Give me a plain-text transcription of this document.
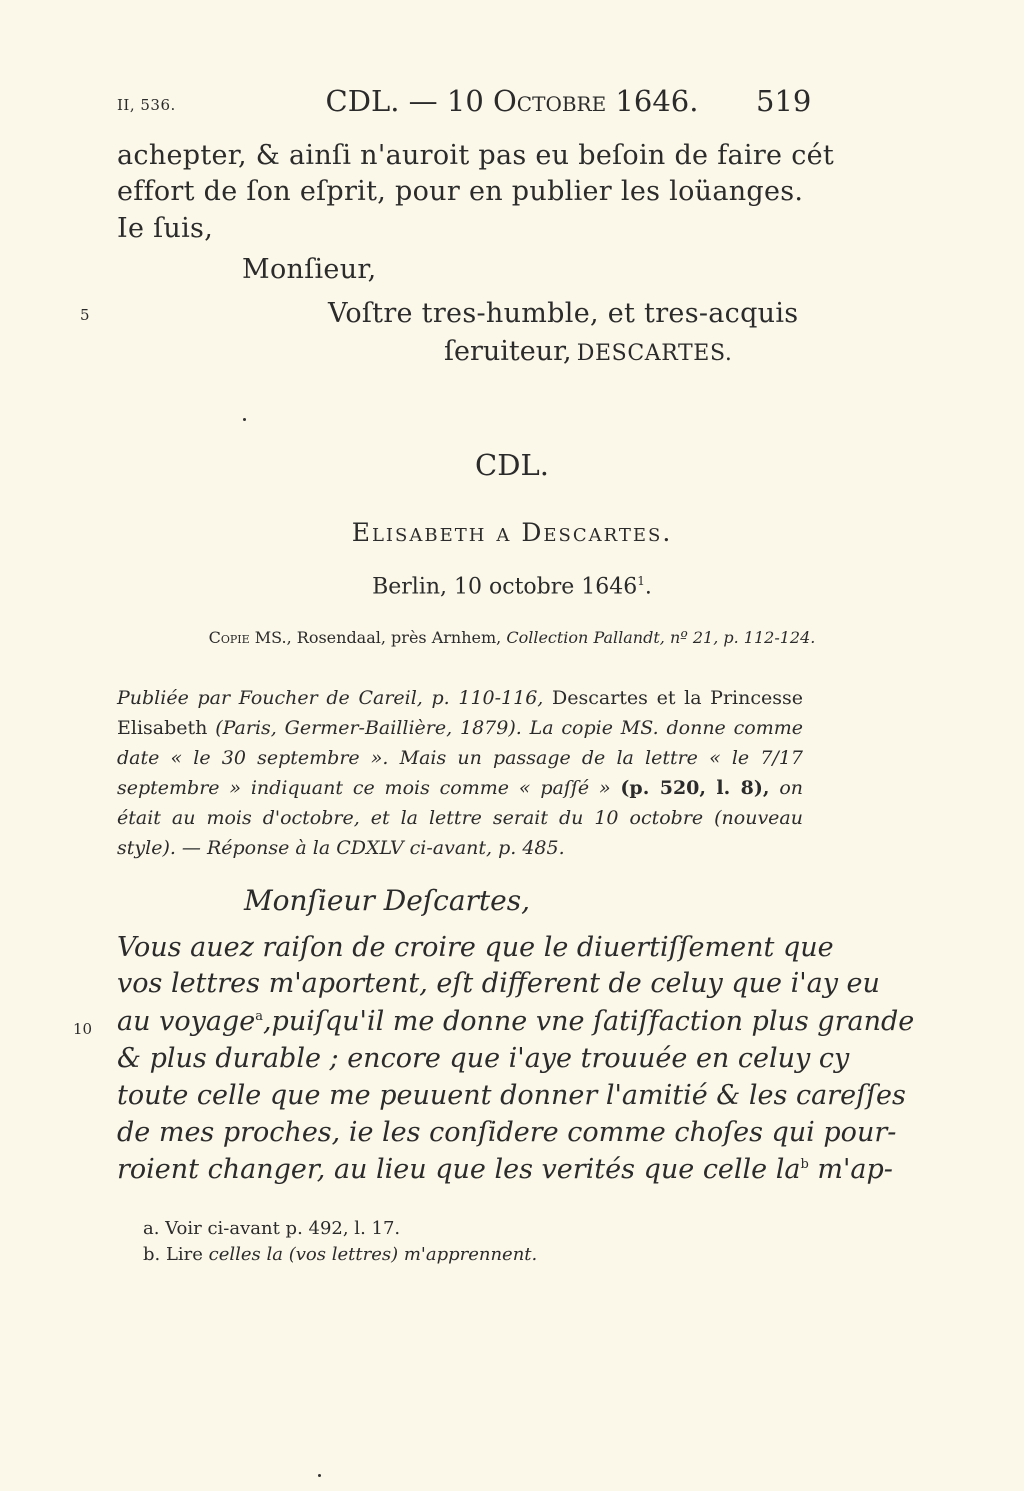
II, 536.	CDL. — 10 Octobre 1646.	519
achepter, & ainſi n'auroit pas eu beſoin de faire cét
effort de ſon eſprit, pour en publier les loüanges.
Ie ſuis,
Monſieur,
5	Voſtre tres-humble, et tres-acquis
ſeruiteur, DESCARTES.
CDL.
Elisabeth a Descartes.
Berlin, 10 octobre 1646$^1$.
Copie MS., Rosendaal, près Arnhem, Collection Pallandt, nº 21, p. 112-124.
Publiée par Foucher de Careil, p. 110-116, Descartes et la Princesse Elisabeth (Paris, Germer-Baillière, 1879). La copie MS. donne comme date « le 30 septembre ». Mais un passage de la lettre « le 7/17 septembre » indiquant ce mois comme « paſſé » (p. 520, l. 8), on était au mois d'octobre, et la lettre serait du 10 octobre (nouveau style). — Réponse à la CDXLV ci-avant, p. 485.
Monſieur Deſcartes,
Vous auez raiſon de croire que le diuertiſſement que
vos lettres m'aportent, eſt different de celuy que i'ay eu
10 au voyage$^a$,puiſqu'il me donne vne ſatiſfaction plus grande
& plus durable ; encore que i'aye trouuée en celuy cy
toute celle que me peuuent donner l'amitié & les careſſes
de mes proches, ie les conſidere comme choſes qui pour-
roient changer, au lieu que les verités que celle $la^b$ m'ap-
a. Voir ci-avant p. 492, l. 17.
b. Lire celles la (vos lettres) m'apprennent.
